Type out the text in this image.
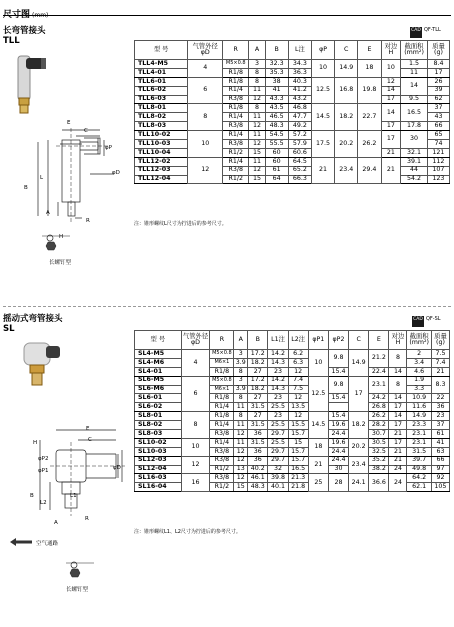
尺寸图 (mm)
长弯管接头
TLL
CAD QF-TLL
型 号	气管外径
φD	R	A	B	L注	φP	C	E	对边
H	截面积
(mm²)	质量
(g)
TLL4-M5	4	M5×0.8	3	32.3	34.3	10	14.9	18	10	1.5	8.4
TLL4-01		R1/8	8	35.3	36.3					11	17
TLL6-01	6	R1/8	8	38	40.3	12.5	16.8	19.8	12	14	26
TLL6-02		R1/4	11	41	41.2				14		39
TLL6-03		R3/8	12	43.3	43.2				17	9.5	62
TLL8-01	8	R1/8	8	43.5	46.8	14.5	18.2	22.7	14	16.5	37
TLL8-02		R1/4	11	46.5	47.7						43
TLL8-03		R3/8	12	48.3	49.2				17	17.8	66
TLL10-02	10	R1/4	11	54.5	57.2	17.5	20.2	26.2	17	30	65
TLL10-03		R3/8	12	55.5	57.9						74
TLL10-04		R1/2	15	60	60.6				21	32.1	121
TLL12-02	12	R1/4	11	60	64.5	21	23.4	29.4	21	39.1	112
TLL12-03		R3/8	12	61	65.2					44	107
TLL12-04		R1/2	15	64	66.3					54.2	123
注：锥形螺纹L尺寸为拧进后的参考尺寸。
E
C
φP
φD
L
B
R
A
H
长螺钉型
摇动式弯管接头
SL
CAD QF-SL
型 号	气管外径
φD	R	A	B	L1注	L2注	φP1	φP2	C	E	对边
H	截面积
(mm²)	质量
(g)
SL4-M5	4	M5×0.8	3	17.2	14.2	6.2	10	9.8	14.9	21.2	8	2	7.5
SL4-M6		M6×1	3.9	18.2	14.3	6.3						3.4	7.4
SL4-01		R1/8	8	27	23	12		15.4		22.4	14	4.6	21
SL6-M5	6	M5×0.8	3	17.2	14.2	7.4	12.5	9.8	17	23.1	8	1.9	8.3
SL6-M6		M6×1	3.9	18.2	14.3	7.5						3.3	
SL6-01		R1/8	8	27	23	12		15.4		24.2	14	10.9	22
SL6-02		R1/4	11	31.5	25.5	13.5				26.8	17	11.6	36
SL8-01	8	R1/8	8	27	23	12	14.5	15.4	18.2	26.2	14	14.9	23
SL8-02		R1/4	11	31.5	25.5	15.5		19.6		28.2	17	23.3	37
SL8-03		R3/8	12	36	29.7	15.7		24.4		30.7	21	23.1	61
SL10-02	10	R1/4	11	31.5	25.5	15	18	19.6	20.2	30.5	17	23.1	41
SL10-03		R3/8	12	36	29.7	15.7		24.4		32.5	21	31.5	63
SL12-03	12	R3/8	12	36	29.7	15.7	21	24.4	23.4	35.2	21	39.7	66
SL12-04		R1/2	13	40.2	32	16.5		30		38.2	24	49.8	97
SL16-03	16	R3/8	12	46.1	39.8	21.3	25	28	24.1	36.6	24	64.2	92
SL16-04		R1/2	15	48.3	40.1	21.8						62.1	105
注：锥形螺纹L1、L2尺寸为拧进后的参考尺寸。
H
E
φP2
φP1
C
φD
L1
B
R
L2
A
空气通路
长螺钉型
